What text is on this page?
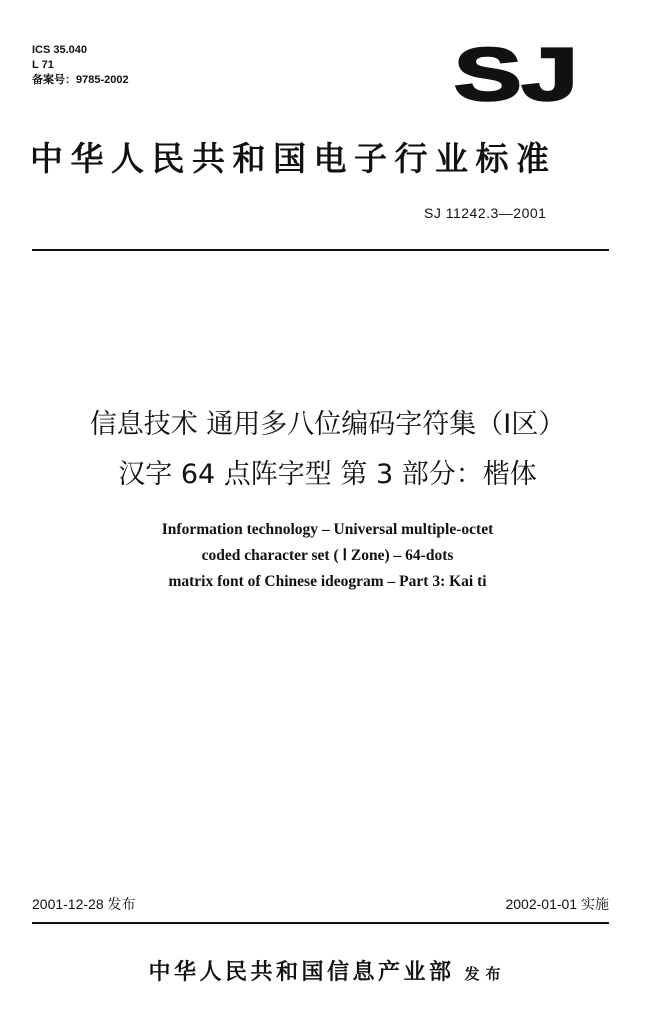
ICS 35.040
L 71
备案号：9785-2002	SJ
中华人民共和国电子行业标准
SJ 11242.3—2001
信息技术 通用多八位编码字符集（Ⅰ区）
汉字 64 点阵字型 第 3 部分：楷体
Information technology – Universal multiple-octet
coded character set ( Ⅰ Zone) – 64-dots
matrix font of Chinese ideogram – Part 3: Kai ti
2001-12-28 发布	2002-01-01 实施
中华人民共和国信息产业部 发布
